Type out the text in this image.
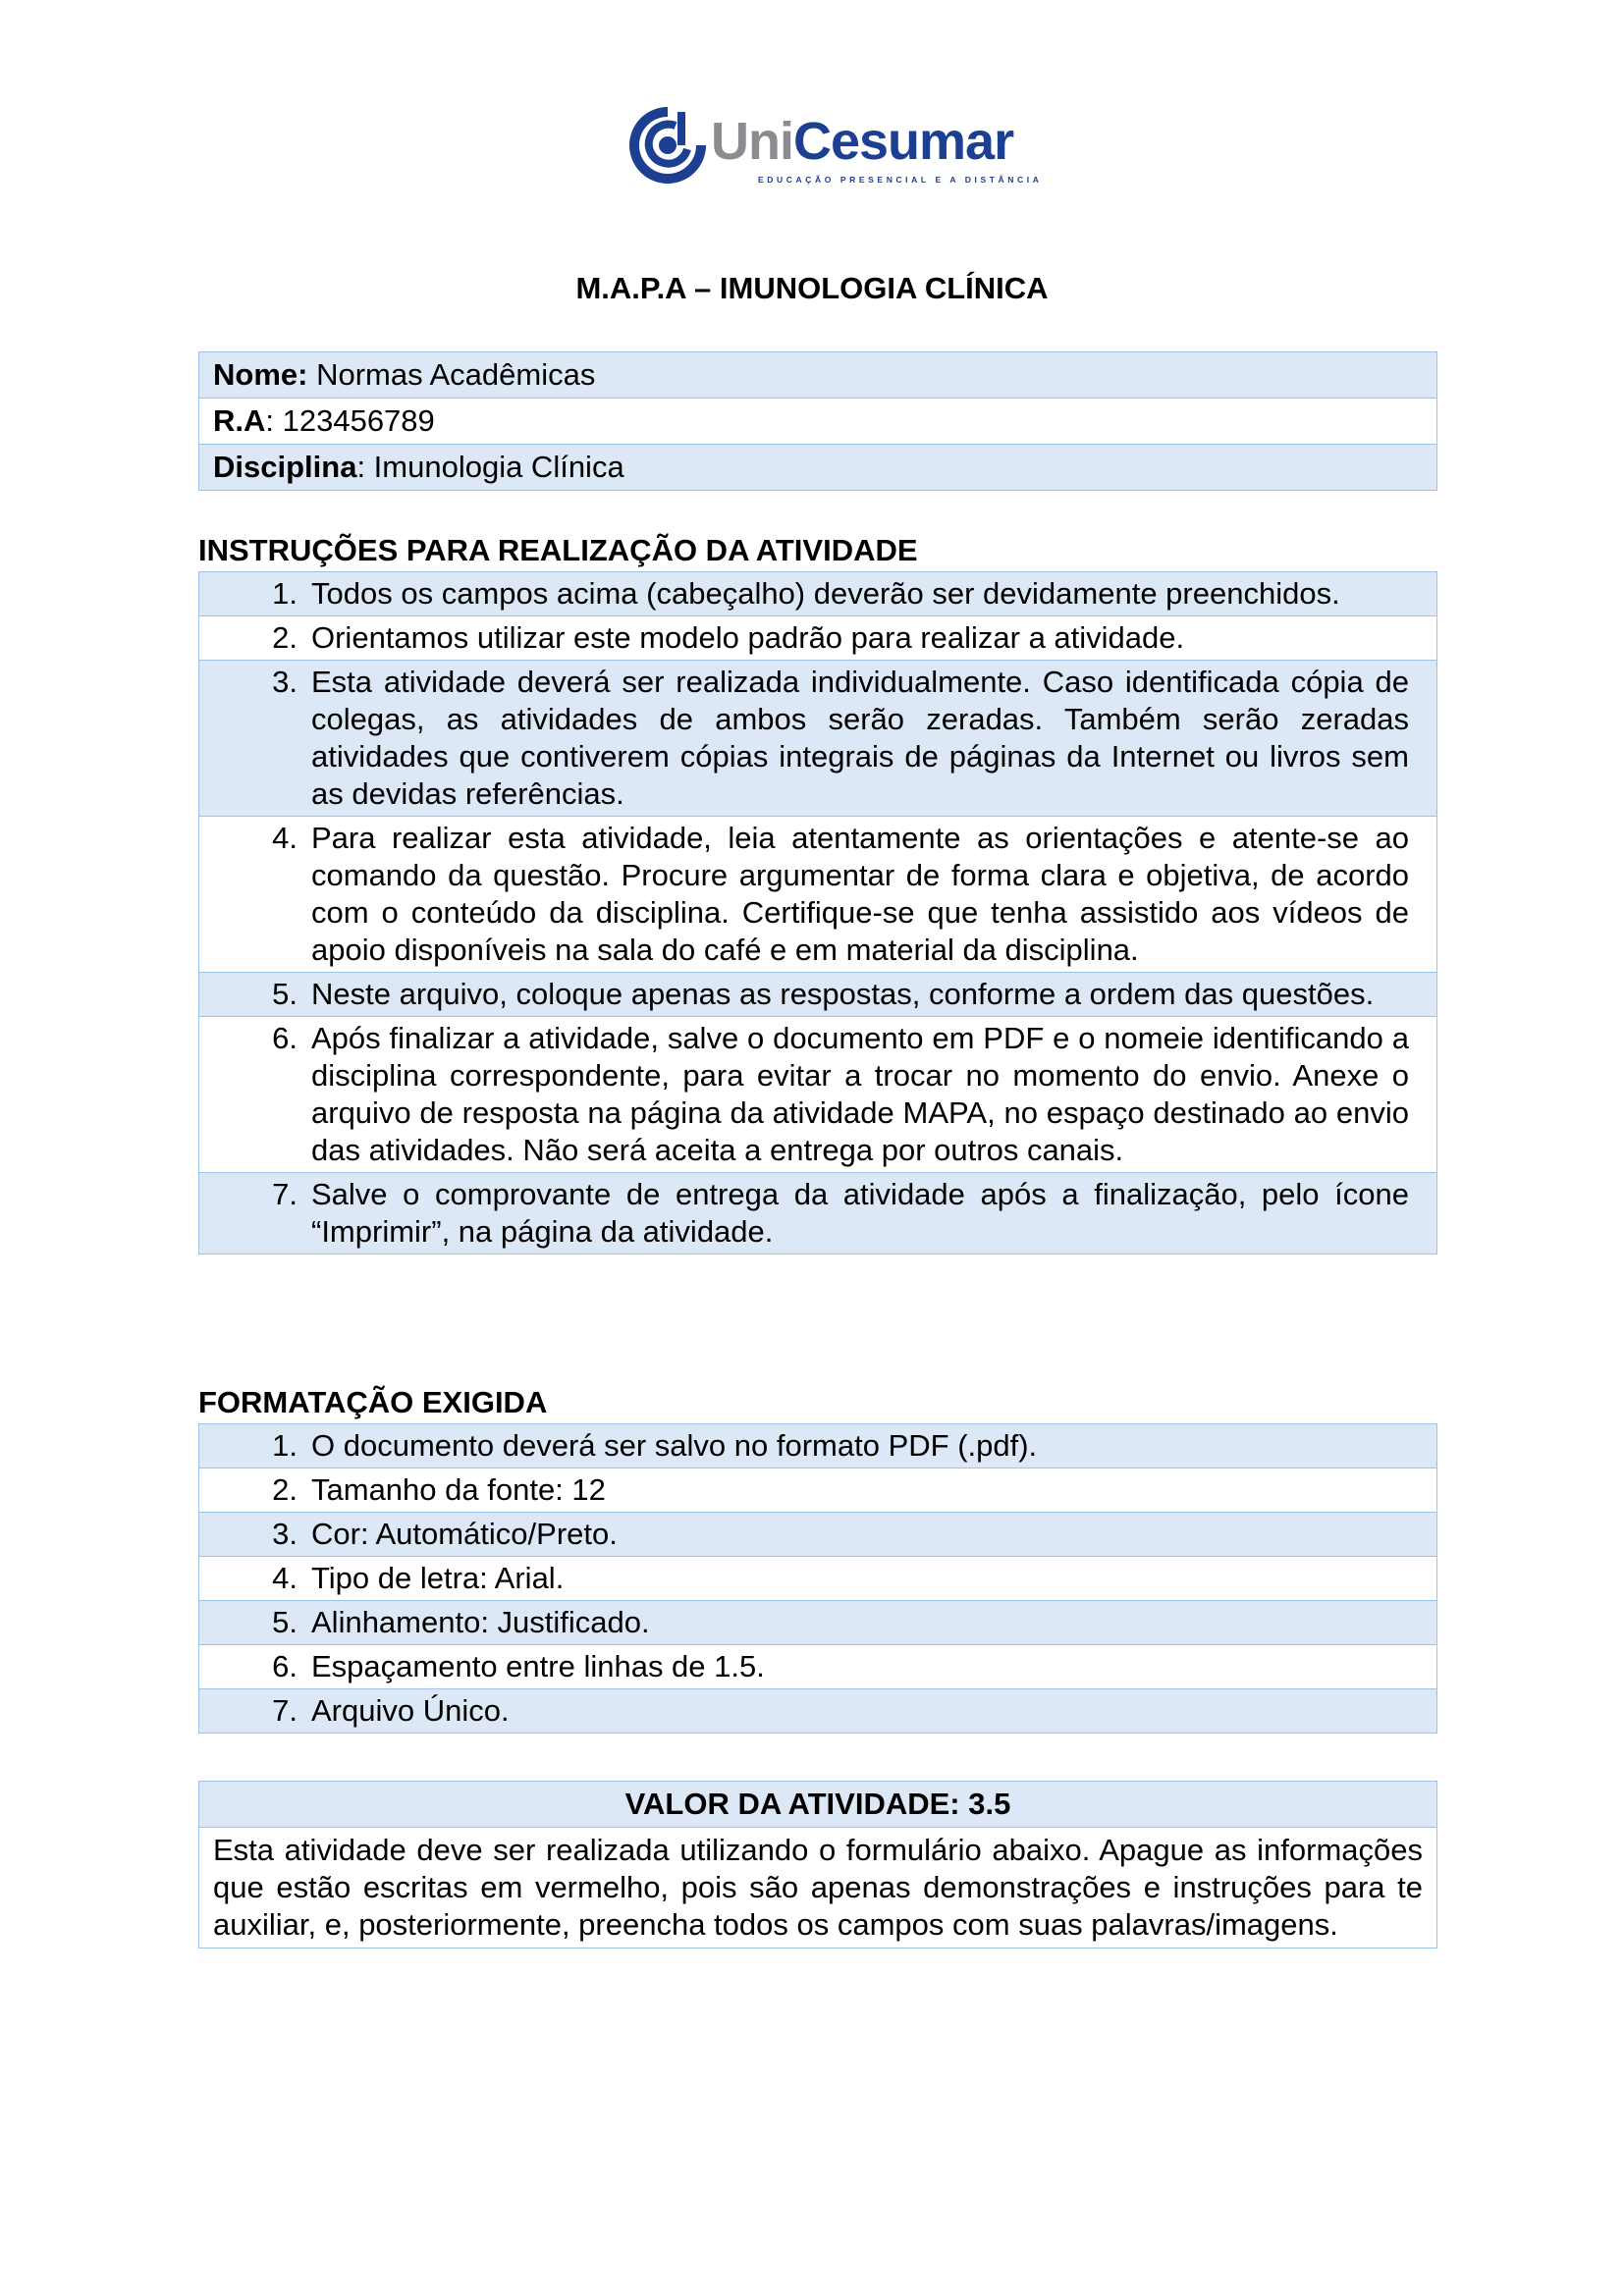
UniCesumar
EDUCAÇÃO PRESENCIAL E A DISTÂNCIA
M.A.P.A – IMUNOLOGIA CLÍNICA
Nome: Normas Acadêmicas
R.A: 123456789
Disciplina: Imunologia Clínica
INSTRUÇÕES PARA REALIZAÇÃO DA ATIVIDADE
1. Todos os campos acima (cabeçalho) deverão ser devidamente preenchidos.
2. Orientamos utilizar este modelo padrão para realizar a atividade.
3. Esta atividade deverá ser realizada individualmente. Caso identificada cópia de colegas, as atividades de ambos serão zeradas. Também serão zeradas atividades que contiverem cópias integrais de páginas da Internet ou livros sem as devidas referências.
4. Para realizar esta atividade, leia atentamente as orientações e atente-se ao comando da questão. Procure argumentar de forma clara e objetiva, de acordo com o conteúdo da disciplina. Certifique-se que tenha assistido aos vídeos de apoio disponíveis na sala do café e em material da disciplina.
5. Neste arquivo, coloque apenas as respostas, conforme a ordem das questões.
6. Após finalizar a atividade, salve o documento em PDF e o nomeie identificando a disciplina correspondente, para evitar a trocar no momento do envio. Anexe o arquivo de resposta na página da atividade MAPA, no espaço destinado ao envio das atividades. Não será aceita a entrega por outros canais.
7. Salve o comprovante de entrega da atividade após a finalização, pelo ícone “Imprimir”, na página da atividade.
FORMATAÇÃO EXIGIDA
1. O documento deverá ser salvo no formato PDF (.pdf).
2. Tamanho da fonte: 12
3. Cor: Automático/Preto.
4. Tipo de letra: Arial.
5. Alinhamento: Justificado.
6. Espaçamento entre linhas de 1.5.
7. Arquivo Único.
VALOR DA ATIVIDADE: 3.5
Esta atividade deve ser realizada utilizando o formulário abaixo. Apague as informações que estão escritas em vermelho, pois são apenas demonstrações e instruções para te auxiliar, e, posteriormente, preencha todos os campos com suas palavras/imagens.
